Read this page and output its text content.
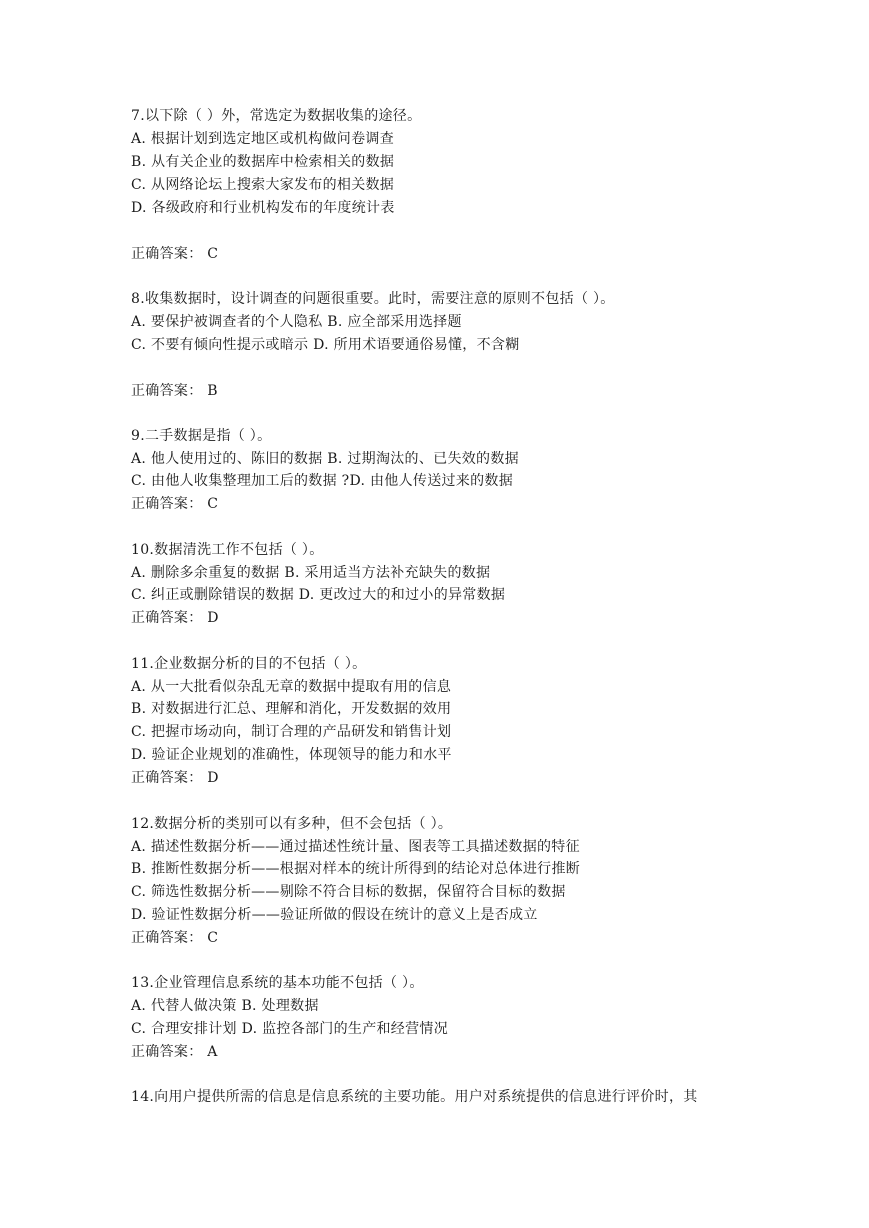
7.以下除（ ）外，常选定为数据收集的途径。
A. 根据计划到选定地区或机构做问卷调查
B. 从有关企业的数据库中检索相关的数据
C. 从网络论坛上搜索大家发布的相关数据
D. 各级政府和行业机构发布的年度统计表
正确答案： C
8.收集数据时，设计调查的问题很重要。此时，需要注意的原则不包括（ ）。
A. 要保护被调查者的个人隐私 B. 应全部采用选择题
C. 不要有倾向性提示或暗示 D. 所用术语要通俗易懂，不含糊
正确答案： B
9.二手数据是指（ ）。
A. 他人使用过的、陈旧的数据 B. 过期淘汰的、已失效的数据
C. 由他人收集整理加工后的数据 ?D. 由他人传送过来的数据
正确答案： C
10.数据清洗工作不包括（ ）。
A. 删除多余重复的数据 B. 采用适当方法补充缺失的数据
C. 纠正或删除错误的数据 D. 更改过大的和过小的异常数据
正确答案： D
11.企业数据分析的目的不包括（ ）。
A. 从一大批看似杂乱无章的数据中提取有用的信息
B. 对数据进行汇总、理解和消化，开发数据的效用
C. 把握市场动向，制订合理的产品研发和销售计划
D. 验证企业规划的准确性，体现领导的能力和水平
正确答案： D
12.数据分析的类别可以有多种，但不会包括（ ）。
A. 描述性数据分析——通过描述性统计量、图表等工具描述数据的特征
B. 推断性数据分析——根据对样本的统计所得到的结论对总体进行推断
C. 筛选性数据分析——剔除不符合目标的数据，保留符合目标的数据
D. 验证性数据分析——验证所做的假设在统计的意义上是否成立
正确答案： C
13.企业管理信息系统的基本功能不包括（ ）。
A. 代替人做决策 B. 处理数据
C. 合理安排计划 D. 监控各部门的生产和经营情况
正确答案： A
14.向用户提供所需的信息是信息系统的主要功能。用户对系统提供的信息进行评价时，其
